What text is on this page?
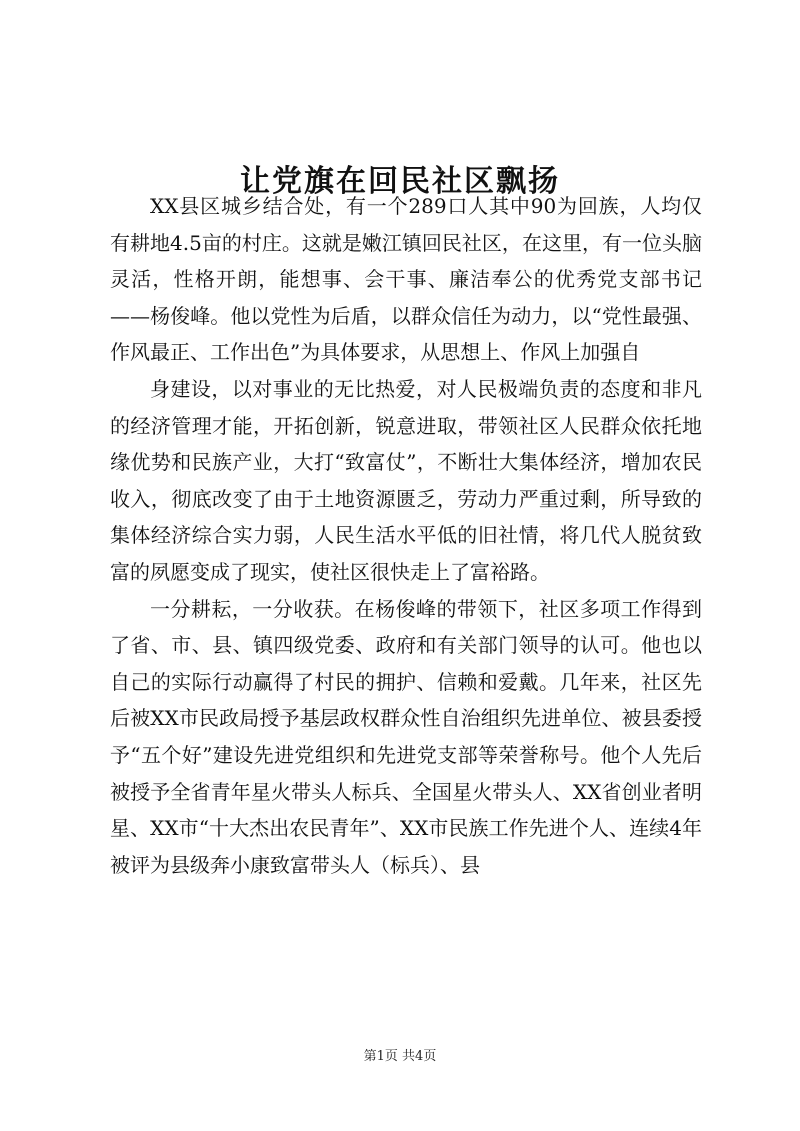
让党旗在回民社区飘扬

XX县区城乡结合处，有一个289口人其中90为回族，人均仅有耕地4.5亩的村庄。这就是嫩江镇回民社区，在这里，有一位头脑灵活，性格开朗，能想事、会干事、廉洁奉公的优秀党支部书记——杨俊峰。他以党性为后盾，以群众信任为动力，以“党性最强、作风最正、工作出色”为具体要求，从思想上、作风上加强自

身建设，以对事业的无比热爱，对人民极端负责的态度和非凡的经济管理才能，开拓创新，锐意进取，带领社区人民群众依托地缘优势和民族产业，大打“致富仗”，不断壮大集体经济，增加农民收入，彻底改变了由于土地资源匮乏，劳动力严重过剩，所导致的集体经济综合实力弱，人民生活水平低的旧社情，将几代人脱贫致富的夙愿变成了现实，使社区很快走上了富裕路。

一分耕耘，一分收获。在杨俊峰的带领下，社区多项工作得到了省、市、县、镇四级党委、政府和有关部门领导的认可。他也以自己的实际行动赢得了村民的拥护、信赖和爱戴。几年来，社区先后被XX市民政局授予基层政权群众性自治组织先进单位、被县委授予“五个好”建设先进党组织和先进党支部等荣誉称号。他个人先后被授予全省青年星火带头人标兵、全国星火带头人、XX省创业者明星、XX市“十大杰出农民青年”、XX市民族工作先进个人、连续4年被评为县级奔小康致富带头人（标兵）、县

第1页 共4页
